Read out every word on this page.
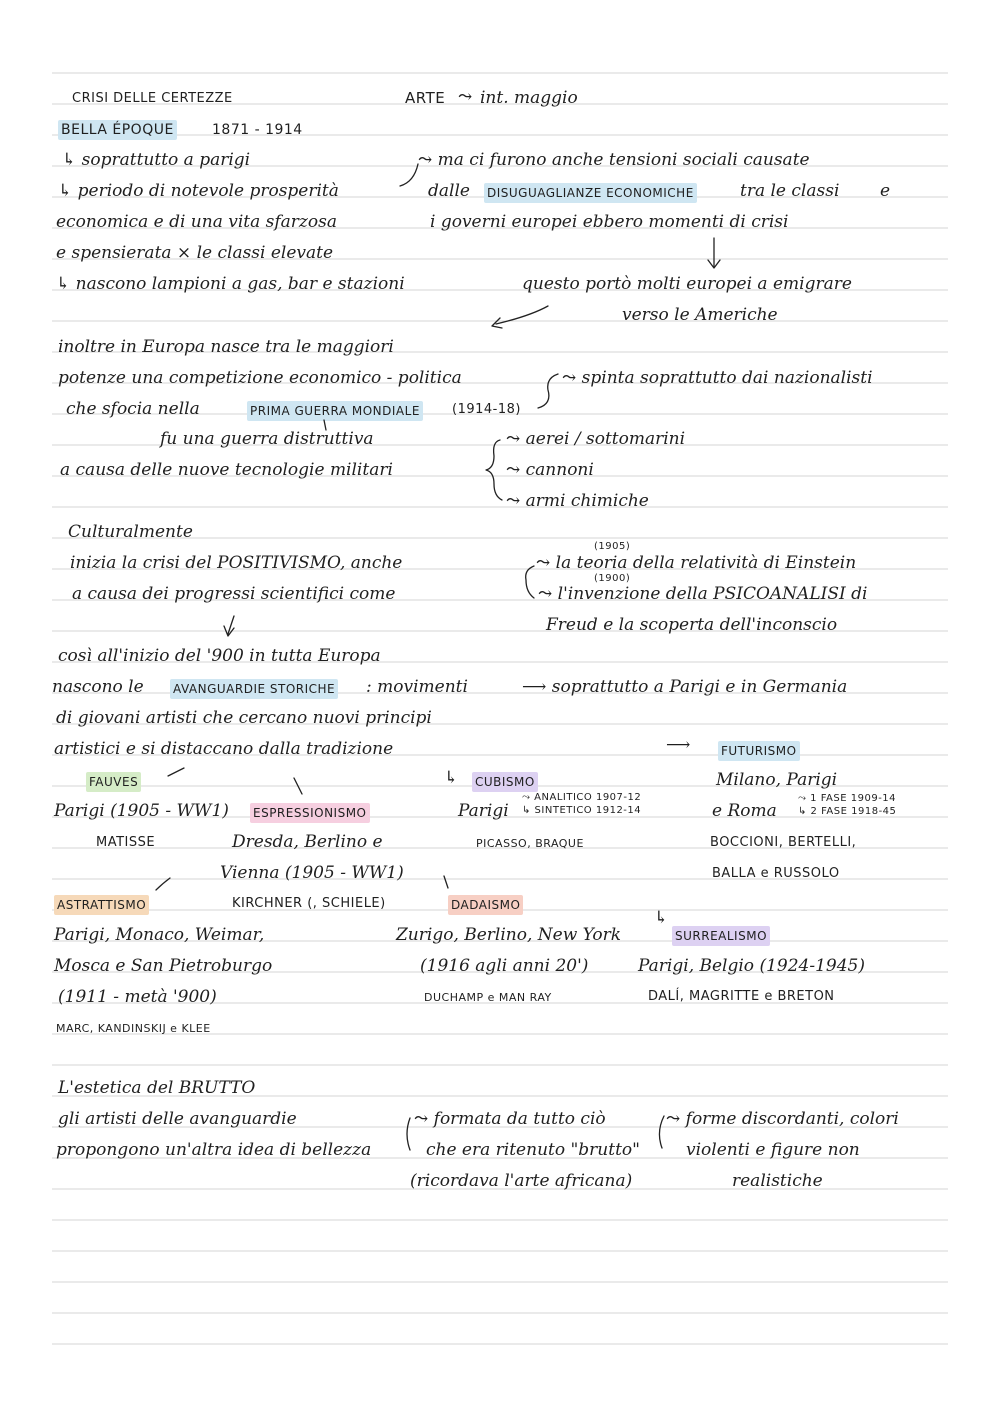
CRISI DELLE CERTEZZE	ARTE ⤳ int. maggio
BELLA ÉPOQUE	1871 - 1914
↳ soprattutto a parigi
↳ periodo di notevole prosperità
economica e di una vita sfarzosa
e spensierata × le classi elevate
↳ nascono lampioni a gas, bar e stazioni
⤳ ma ci furono anche tensioni sociali causate
dalle DISUGUAGLIANZE ECONOMICHE	tra le classi e
i governi europei ebbero momenti di crisi
questo portò molti europei a emigrare
verso le Americhe
inoltre in Europa nasce tra le maggiori
potenze una competizione economico - politica
che sfocia nella	PRIMA GUERRA MONDIALE (1914-18)
⤳ spinta soprattutto dai nazionalisti
fu una guerra distruttiva
a causa delle nuove tecnologie militari
⤳ aerei / sottomarini
⤳ cannoni
⤳ armi chimiche
Culturalmente
inizia la crisi del POSITIVISMO, anche
a causa dei progressi scientifici come
(1905)
⤳ la teoria della relatività di Einstein
(1900)
⤳ l'invenzione della PSICOANALISI di
Freud e la scoperta dell'inconscio
così all'inizio del '900 in tutta Europa
nascono le AVANGUARDIE STORICHE : movimenti	⟶ soprattutto a Parigi e in Germania
di giovani artisti che cercano nuovi principi
artistici e si distaccano dalla tradizione	⟶	FUTURISMO
Milano, Parigi
e Roma
⤳ 1 FASE 1909-14
↳ 2 FASE 1918-45
BOCCIONI, BERTELLI,
BALLA e RUSSOLO
FAUVES
Parigi (1905 - WW1)
MATISSE
ESPRESSIONISMO
Dresda, Berlino e
Vienna (1905 - WW1)
KIRCHNER (, SCHIELE)
↳ CUBISMO
Parigi
⤳ ANALITICO 1907-12
↳ SINTETICO 1912-14
PICASSO, BRAQUE
ASTRATTISMO
Parigi, Monaco, Weimar,
Mosca e San Pietroburgo
(1911 - metà '900)
MARC, KANDINSKIJ e KLEE
DADAISMO
Zurigo, Berlino, New York
(1916 agli anni 20')
DUCHAMP e MAN RAY
↳
SURREALISMO
Parigi, Belgio (1924-1945)
DALÍ, MAGRITTE e BRETON
L'estetica del BRUTTO
gli artisti delle avanguardie
propongono un'altra idea di bellezza
⤳ formata da tutto ciò
che era ritenuto "brutto"
(ricordava l'arte africana)
⤳ forme discordanti, colori
violenti e figure non
realistiche
